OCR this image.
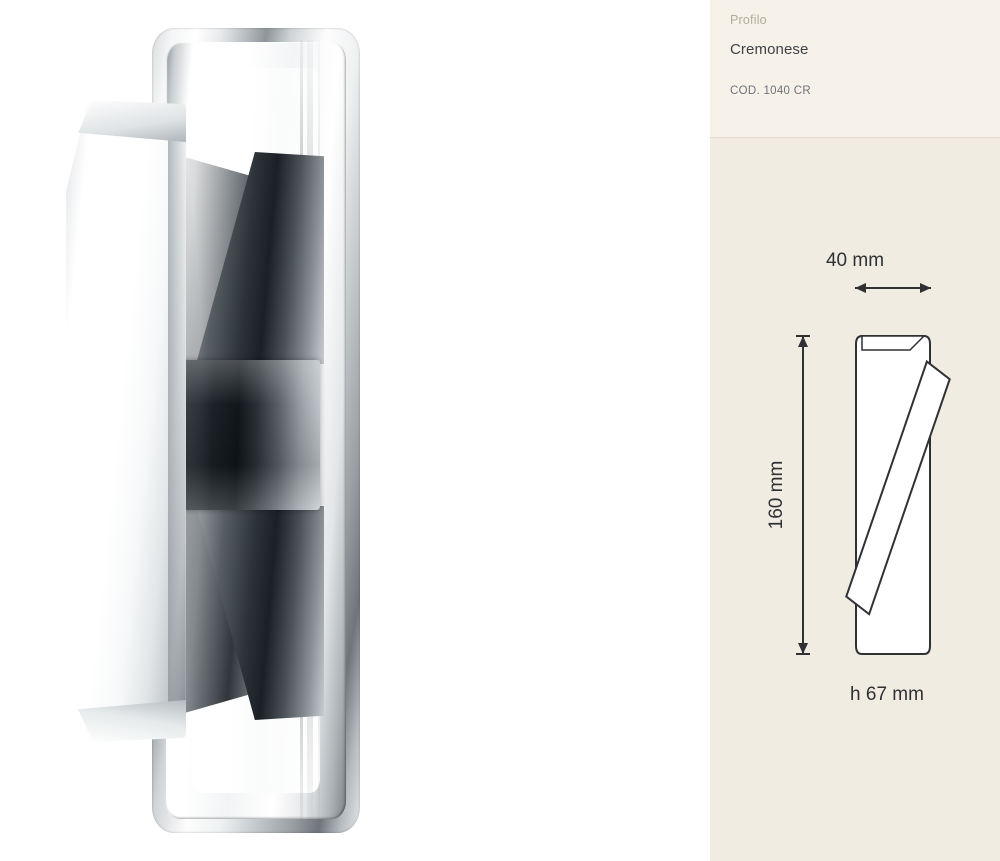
Profilo
Cremonese
COD. 1040 CR
40 mm
160 mm
h 67 mm
